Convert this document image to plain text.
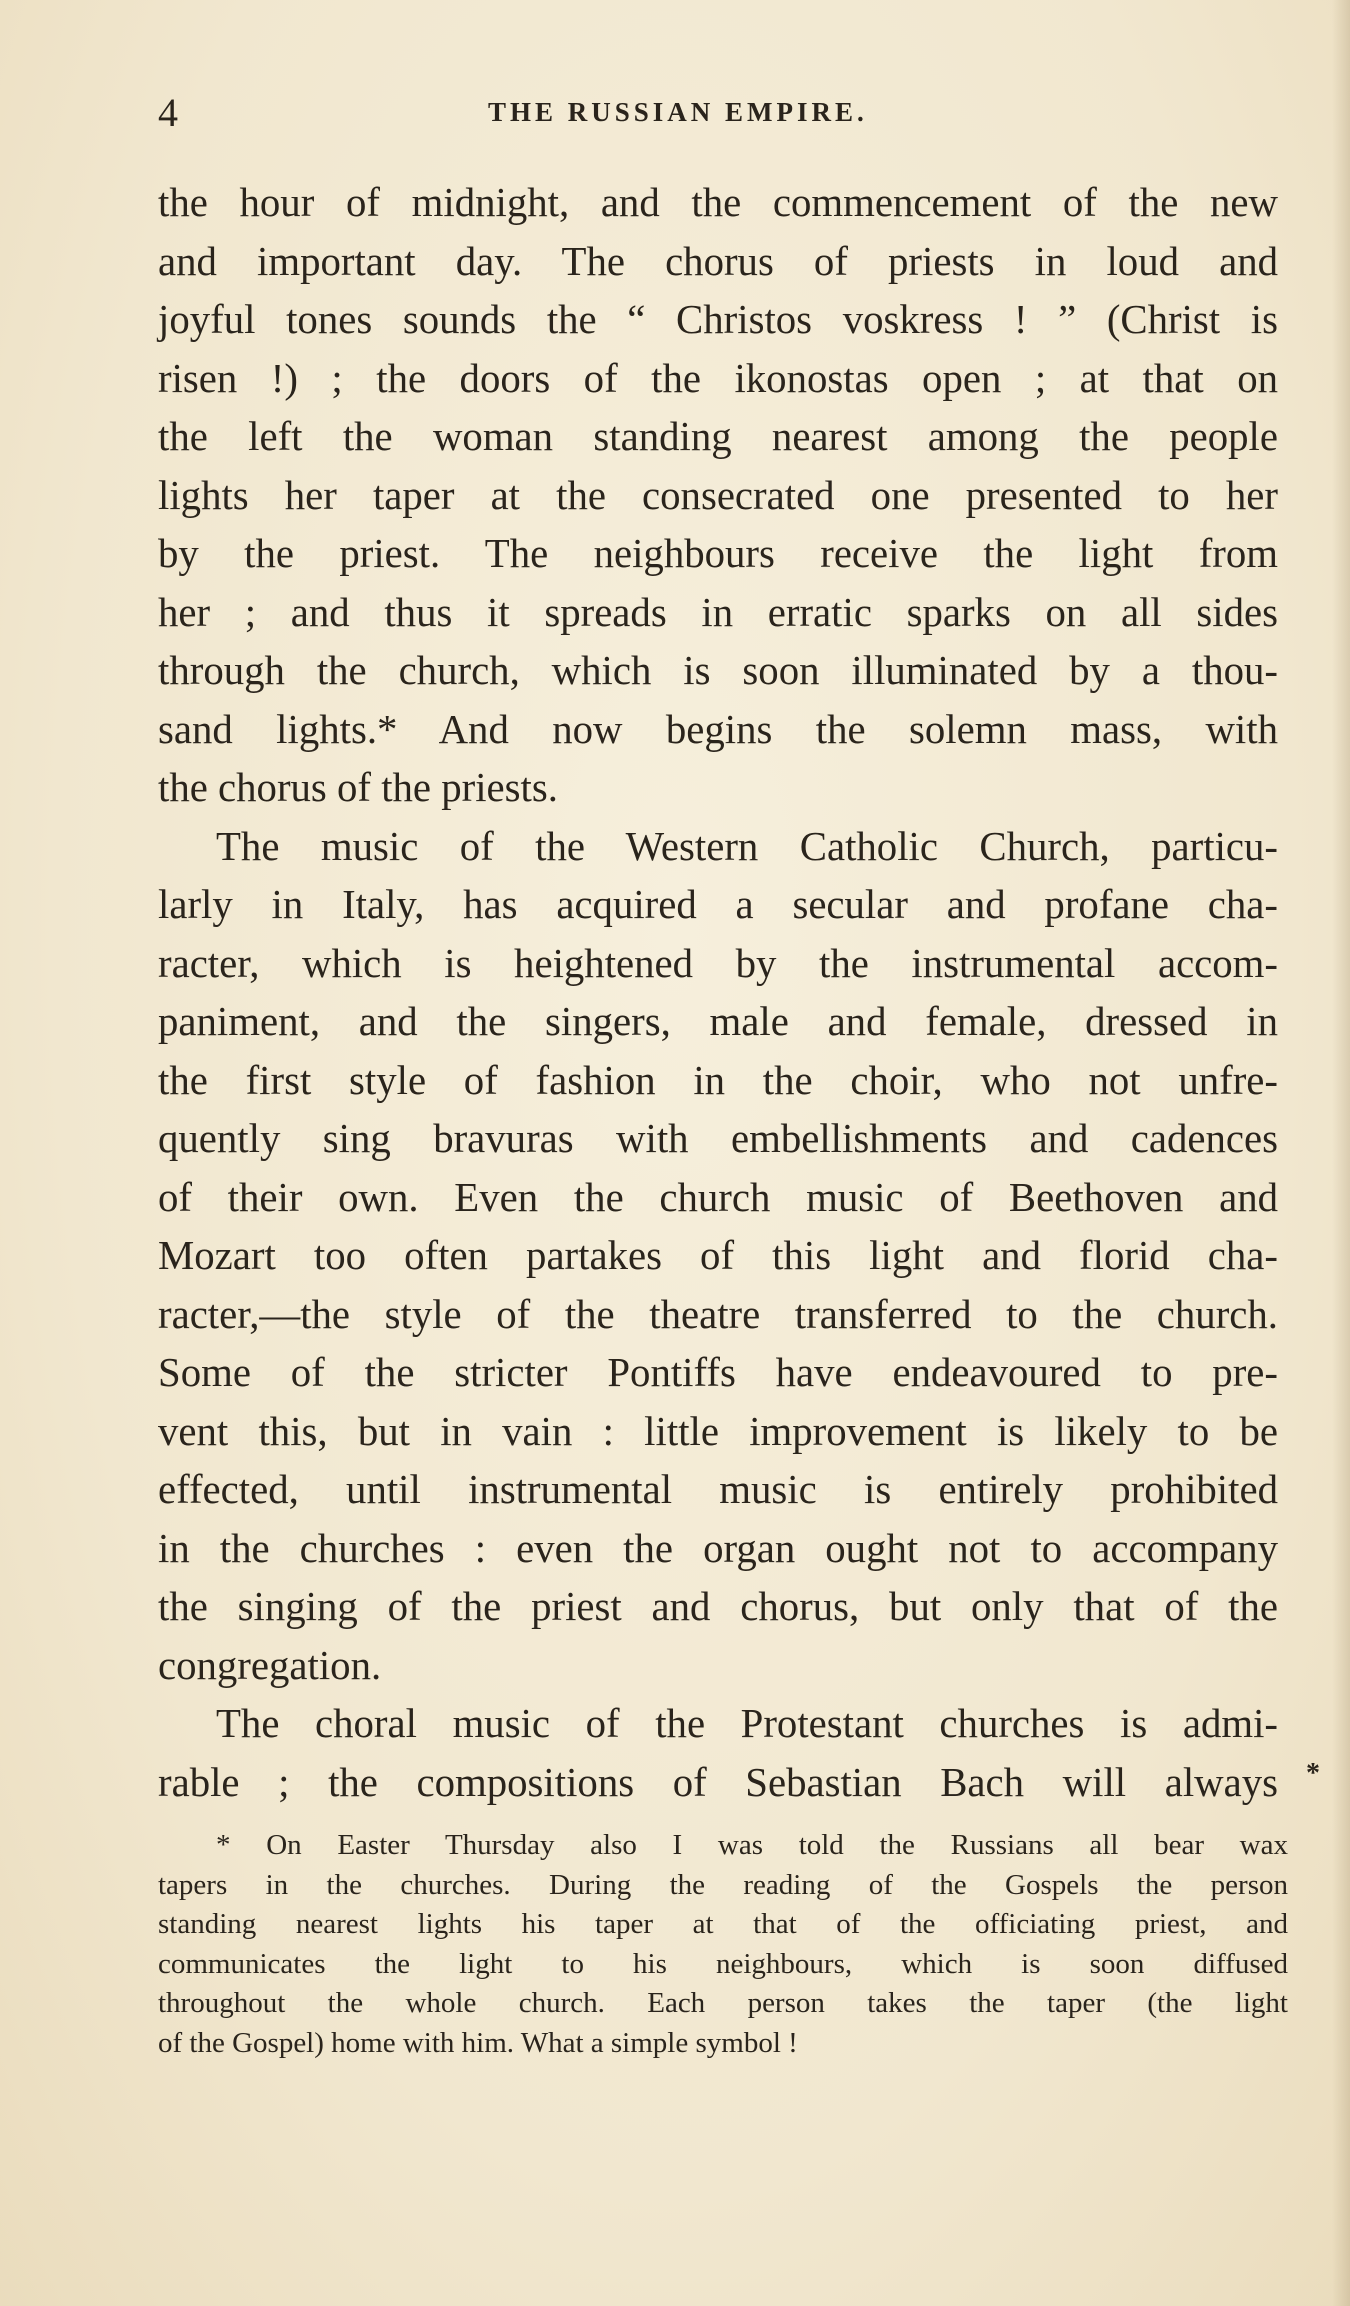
4	THE RUSSIAN EMPIRE.
the hour of midnight, and the commencement of the new
and important day. The chorus of priests in loud and
joyful tones sounds the “ Christos voskress ! ” (Christ is
risen !) ; the doors of the ikonostas open ; at that on
the left the woman standing nearest among the people
lights her taper at the consecrated one presented to her
by the priest. The neighbours receive the light from
her ; and thus it spreads in erratic sparks on all sides
through the church, which is soon illuminated by a thou-
sand lights.* And now begins the solemn mass, with
the chorus of the priests.
The music of the Western Catholic Church, particu-
larly in Italy, has acquired a secular and profane cha-
racter, which is heightened by the instrumental accom-
paniment, and the singers, male and female, dressed in
the first style of fashion in the choir, who not unfre-
quently sing bravuras with embellishments and cadences
of their own. Even the church music of Beethoven and
Mozart too often partakes of this light and florid cha-
racter,—the style of the theatre transferred to the church.
Some of the stricter Pontiffs have endeavoured to pre-
vent this, but in vain : little improvement is likely to be
effected, until instrumental music is entirely prohibited
in the churches : even the organ ought not to accompany
the singing of the priest and chorus, but only that of the
congregation.
The choral music of the Protestant churches is admi-
rable ; the compositions of Sebastian Bach will always *
* On Easter Thursday also I was told the Russians all bear wax
tapers in the churches. During the reading of the Gospels the person
standing nearest lights his taper at that of the officiating priest, and
communicates the light to his neighbours, which is soon diffused
throughout the whole church. Each person takes the taper (the light
of the Gospel) home with him. What a simple symbol !
